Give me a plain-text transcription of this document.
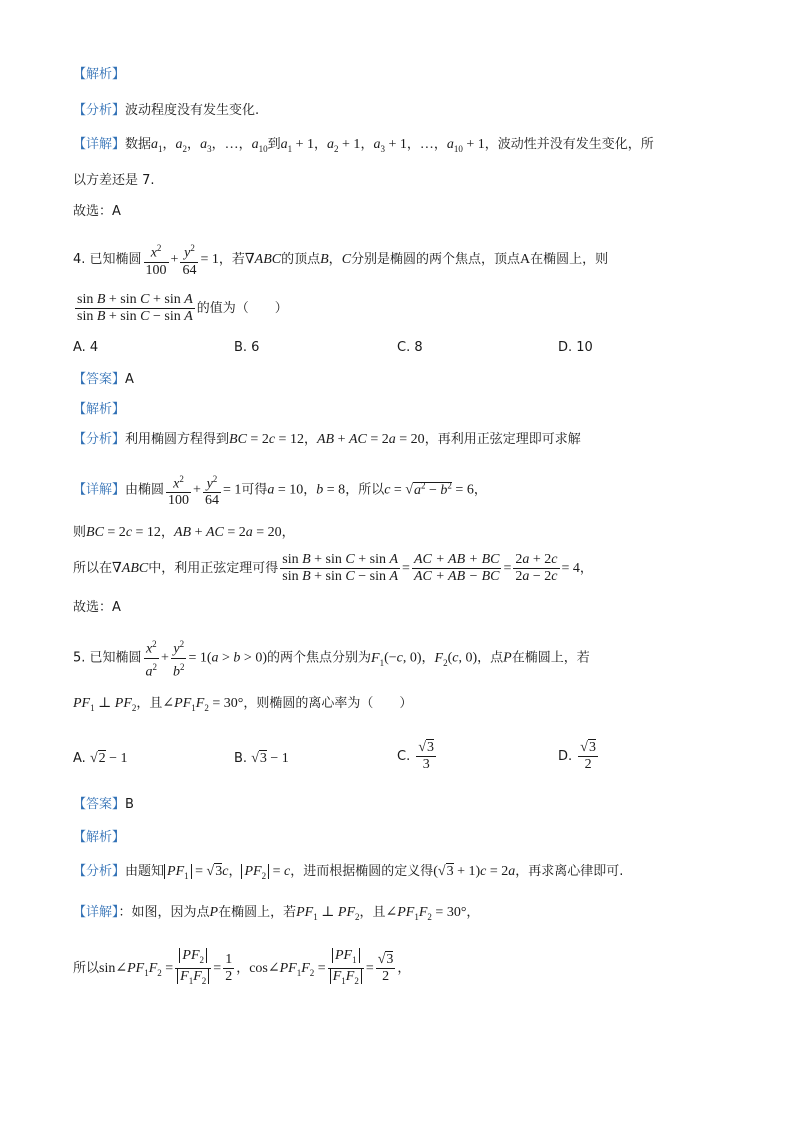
【解析】
【分析】波动程度没有发生变化.
【详解】数据$a_1$，$a_2$，$a_3$，…，$a_{10}$到$a_1 + 1$，$a_2 + 1$，$a_3 + 1$，…，$a_{10} + 1$，波动性并没有发生变化，所
以方差还是 7.
故选：A
4. 已知椭圆 $\frac{x^2}{100} + \frac{y^2}{64} = 1$，若∇ABC的顶点B，C分别是椭圆的两个焦点，顶点A在椭圆上，则
$\frac{\text{sin B + sin C + sin A}}{\text{sin B + sin C − sin A}}$ 的值为（　　）
A. 4	B. 6	C. 8	D. 10
【答案】A
【解析】
【分析】利用椭圆方程得到BC = 2c = 12，AB + AC = 2a = 20，再利用正弦定理即可求解
【详解】由椭圆 $\frac{x^2}{100} + \frac{y^2}{64} = 1$可得a = 10，b = 8，所以$c = √a^2 - b^2 = 6$，
则BC = 2c = 12，AB + AC = 2a = 20，
所以在∇ABC中，利用正弦定理可得 $\frac{\text{sin B + sin C + sin A}}{\text{sin B + sin C − sin A}} = \frac{AC + AB + BC}{AC + AB - BC} = \frac{2a + 2c}{2a - 2c} = 4$，
故选：A
5. 已知椭圆 $\frac{x^2}{a^2} + \frac{y^2}{b^2} = 1(a > b > 0)$的两个焦点分别为$F_1(-c$, 0)，$F_2(c$, 0)，点P在椭圆上，若
$PF_1$ ⊥ $PF_2$，且$\angle PF_1F_2 = 30^\circ$，则椭圆的离心率为（　　）
A. √2 − 1	B. √3 − 1	C. $\frac{√3}{3}$	D. $\frac{√3}{2}$
【答案】B
【解析】
【分析】由题知 $PF_1 = √3c$， $PF_2 = c$，进而根据椭圆的定义得(√3 + 1)c = 2a，再求离心律即可.
【详解】：如图，因为点P在椭圆上，若$PF_1$ ⊥ $PF_2$，且$\angle PF_1F_2 = 30^\circ$，
所以$\sin\angle PF_1F_2 = \frac{PF_2}{F_1F_2} = \frac{1}{2}$ ，$\cos\angle PF_1F_2 = \frac{PF_1}{F_1F_2} = \frac{√3}{2}$ ，
